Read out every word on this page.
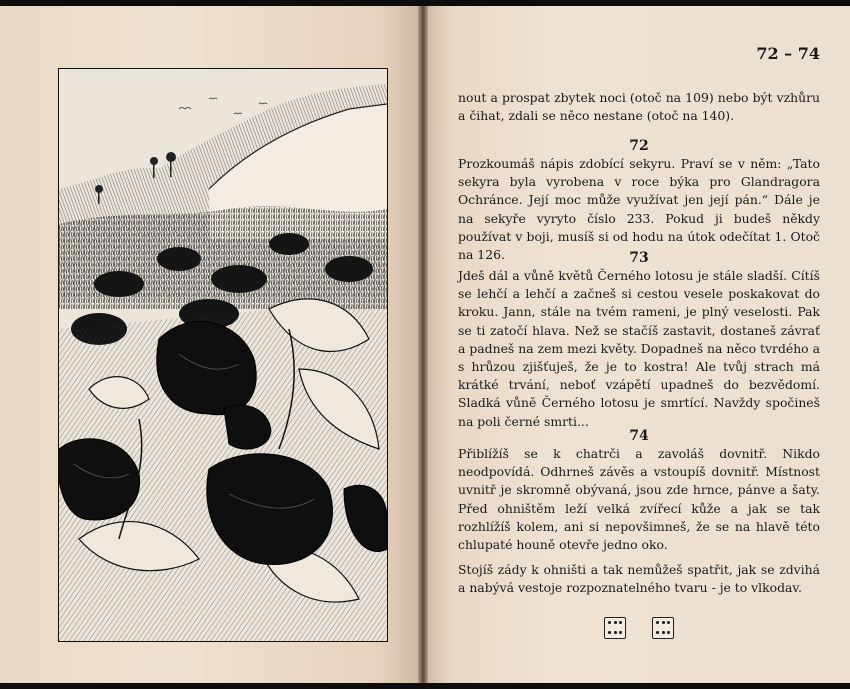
72 – 74

nout a prospat zbytek noci (otoč na 109) nebo být vzhůru a čihat, zdali se něco nestane (otoč na 140).

72

Prozkoumáš nápis zdobící sekyru. Praví se v něm: „Tato sekyra byla vyrobena v roce býka pro Glandragora Ochránce. Její moc může využívat jen její pán.“ Dále je na sekyře vyryto číslo 233. Pokud ji budeš někdy používat v boji, musíš si od hodu na útok odečítat 1. Otoč na 126.	73

Jdeš dál a vůně květů Černého lotosu je stále sladší. Cítíš se lehčí a lehčí a začneš si cestou vesele poskakovat do kroku. Jann, stále na tvém rameni, je plný veselosti. Pak se ti zatočí hlava. Než se stačíš zastavit, dostaneš závrať a padneš na zem mezi květy. Dopadneš na něco tvrdého a s hrůzou zjišťuješ, že je to kostra! Ale tvůj strach má krátké trvání, neboť vzápětí upadneš do bezvědomí. Sladká vůně Černého lotosu je smrtící. Navždy spočineš na poli černé smrti...

74

Přiblížíš se k chatrči a zavoláš dovnitř. Nikdo neodpovídá. Odhrneš závěs a vstoupíš dovnitř. Místnost uvnitř je skromně obývaná, jsou zde hrnce, pánve a šaty. Před ohništěm leží velká zvířecí kůže a jak se tak rozhlížíš kolem, ani si nepovšimneš, že se na hlavě této chlupaté houně otevře jedno oko.

Stojíš zády k ohništi a tak nemůžeš spatřit, jak se zdvihá a nabývá vestoje rozpoznatelného tvaru - je to vlkodav.
